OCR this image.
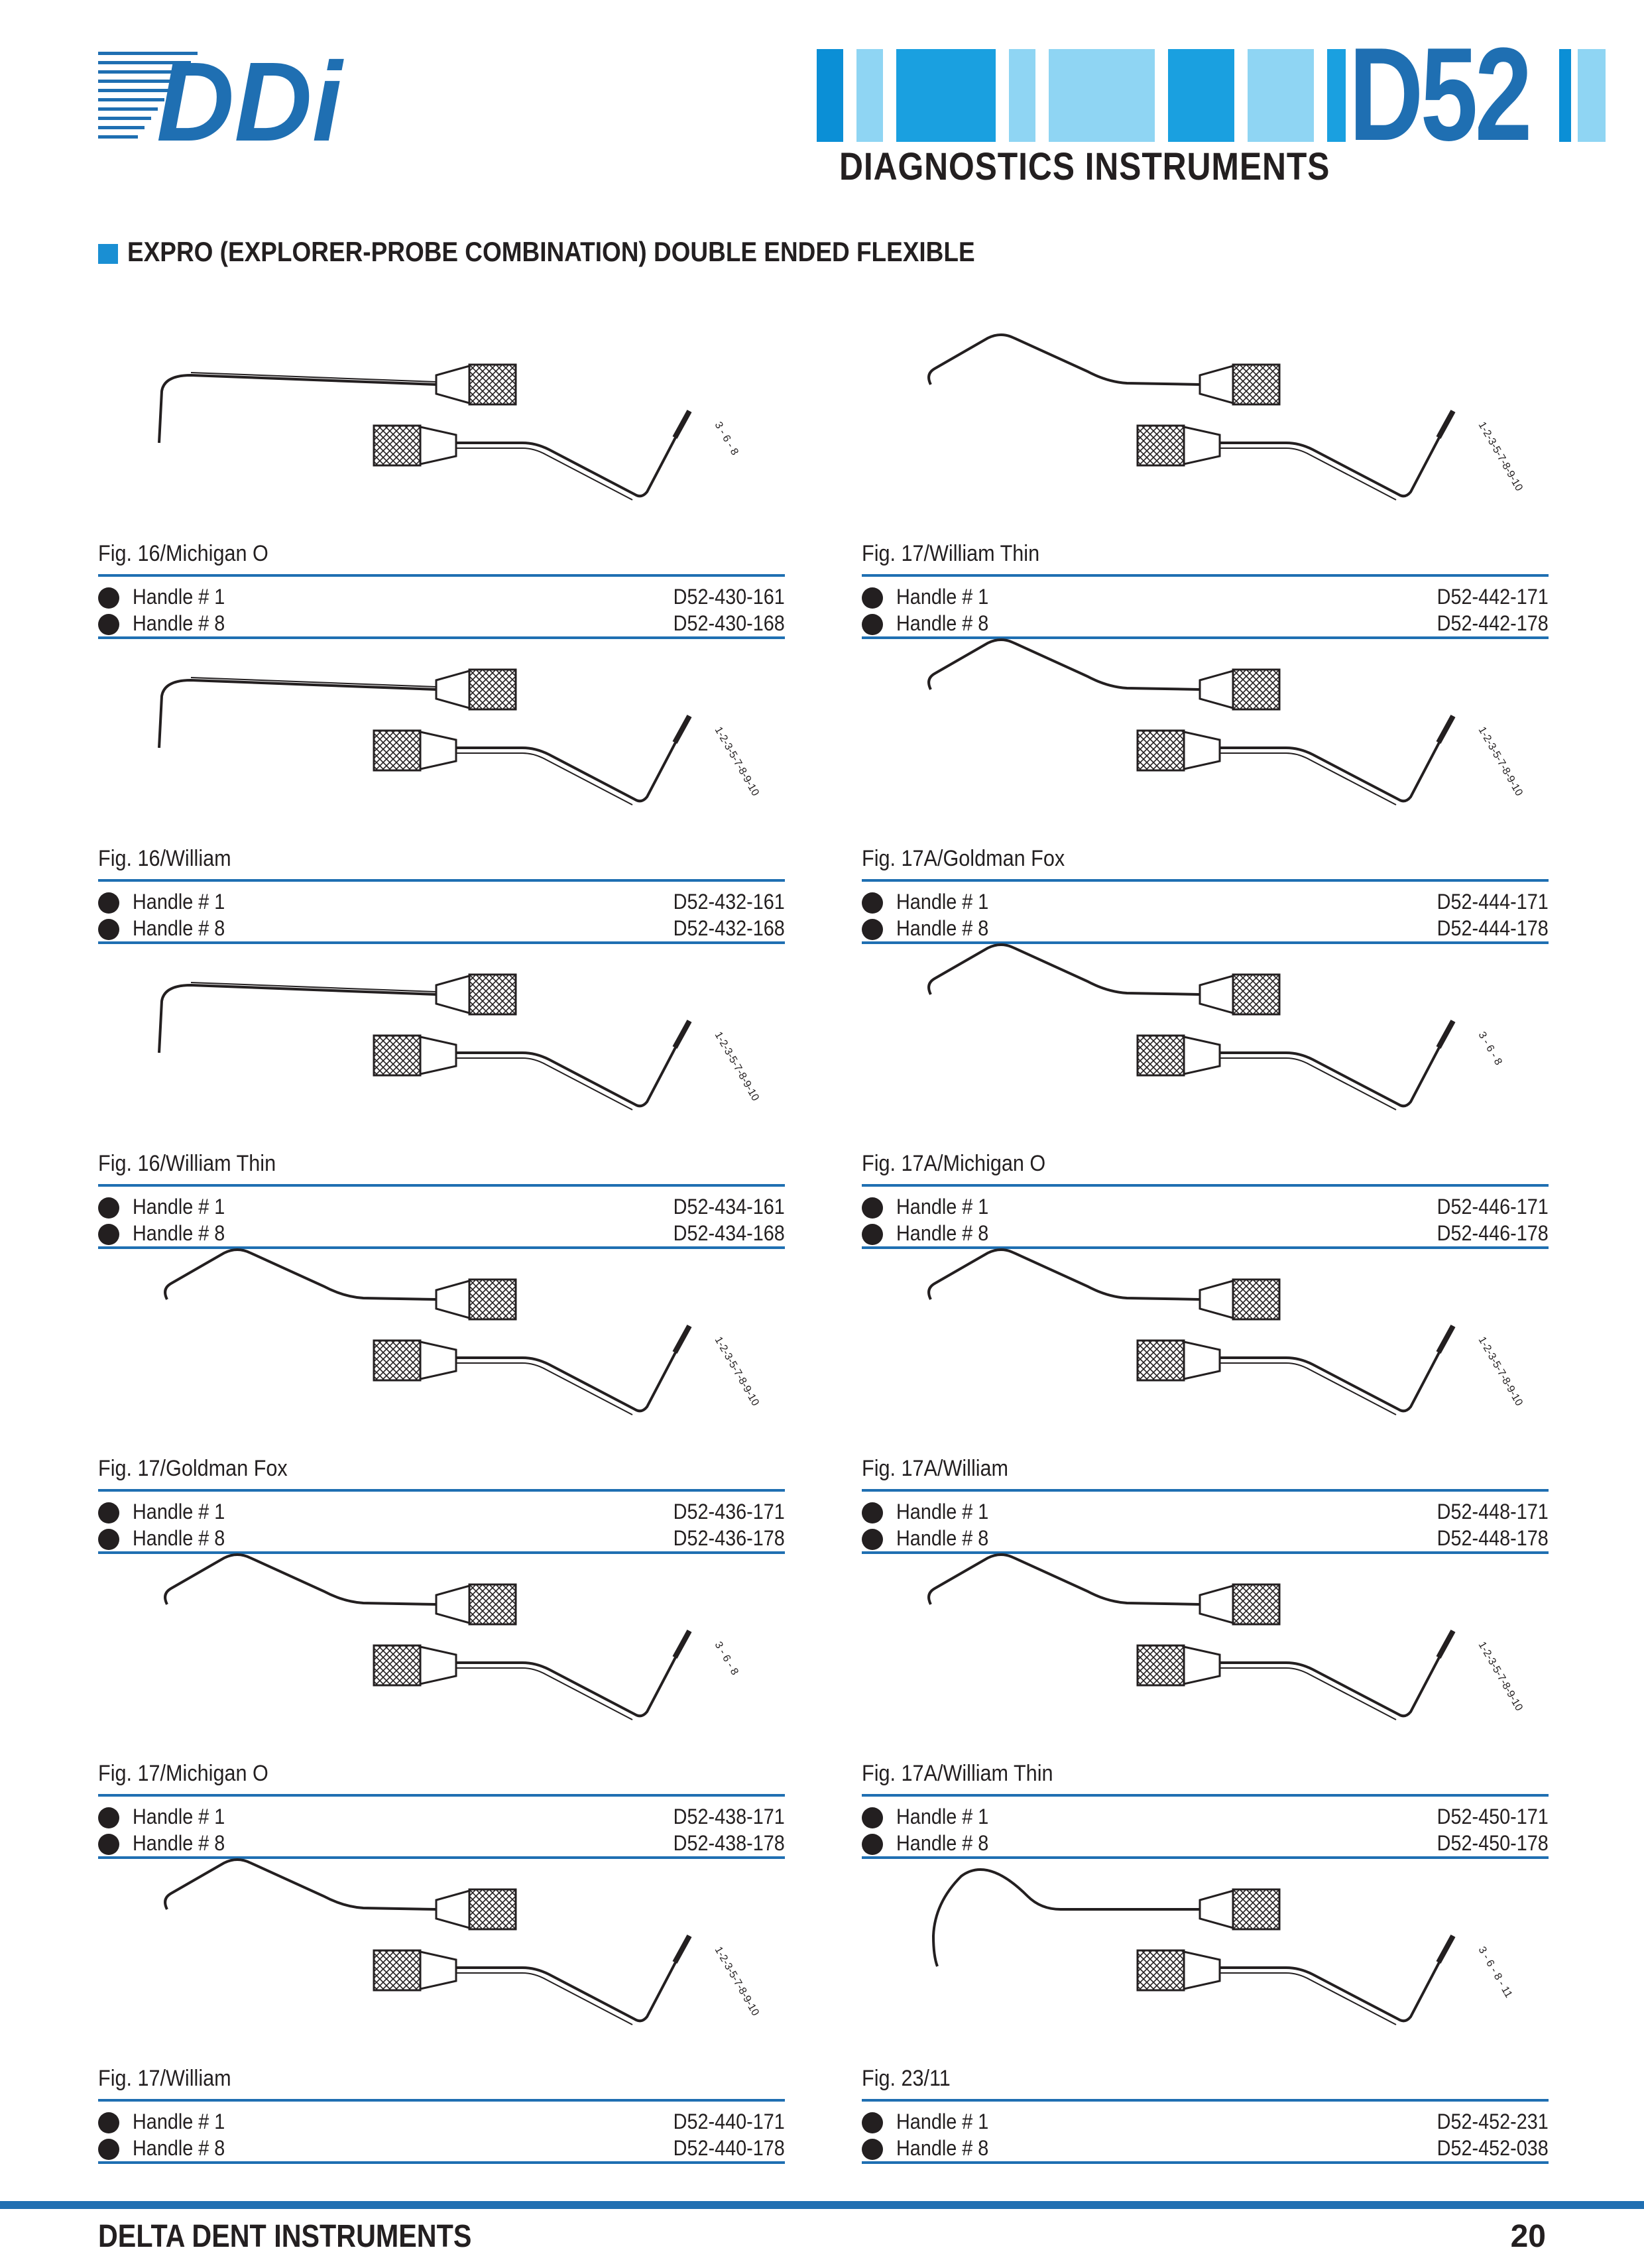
DDi	D52
DIAGNOSTICS INSTRUMENTS
EXPRO (EXPLORER-PROBE COMBINATION) DOUBLE ENDED FLEXIBLE
3 - 6 - 8
Fig. 16/Michigan O
Handle # 1	D52-430-161
Handle # 8	D52-430-168
1-2-3-5-7-8-9-10
Fig. 17/William Thin
Handle # 1	D52-442-171
Handle # 8	D52-442-178
1-2-3-5-7-8-9-10
Fig. 16/William
Handle # 1	D52-432-161
Handle # 8	D52-432-168
1-2-3-5-7-8-9-10
Fig. 17A/Goldman Fox
Handle # 1	D52-444-171
Handle # 8	D52-444-178
1-2-3-5-7-8-9-10
Fig. 16/William Thin
Handle # 1	D52-434-161
Handle # 8	D52-434-168
3 - 6 - 8
Fig. 17A/Michigan O
Handle # 1	D52-446-171
Handle # 8	D52-446-178
1-2-3-5-7-8-9-10
Fig. 17/Goldman Fox
Handle # 1	D52-436-171
Handle # 8	D52-436-178
1-2-3-5-7-8-9-10
Fig. 17A/William
Handle # 1	D52-448-171
Handle # 8	D52-448-178
3 - 6 - 8
Fig. 17/Michigan O
Handle # 1	D52-438-171
Handle # 8	D52-438-178
1-2-3-5-7-8-9-10
Fig. 17A/William Thin
Handle # 1	D52-450-171
Handle # 8	D52-450-178
1-2-3-5-7-8-9-10
Fig. 17/William
Handle # 1	D52-440-171
Handle # 8	D52-440-178
3 - 6 - 8 - 11
Fig. 23/11
Handle # 1	D52-452-231
Handle # 8	D52-452-038
DELTA DENT INSTRUMENTS	20
